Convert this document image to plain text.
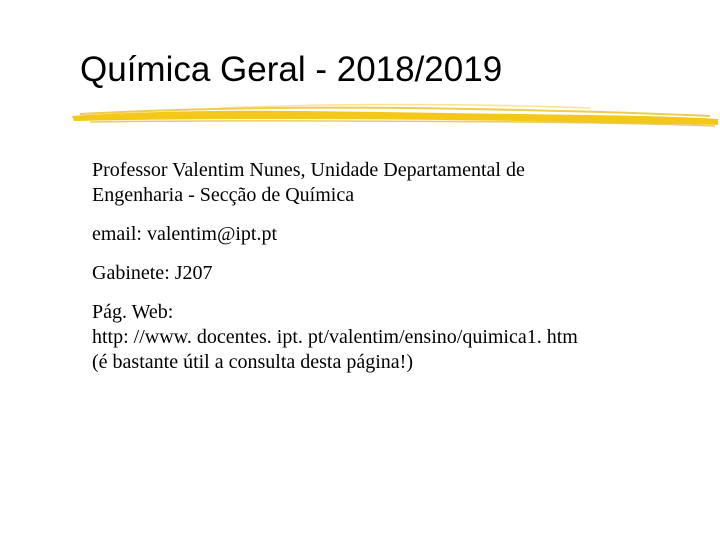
Química Geral - 2018/2019
Professor Valentim Nunes, Unidade Departamental de
Engenharia - Secção de Química
email: valentim@ipt.pt
Gabinete: J207
Pág. Web:
http: //www. docentes. ipt. pt/valentim/ensino/quimica1. htm
(é bastante útil a consulta desta página!)
